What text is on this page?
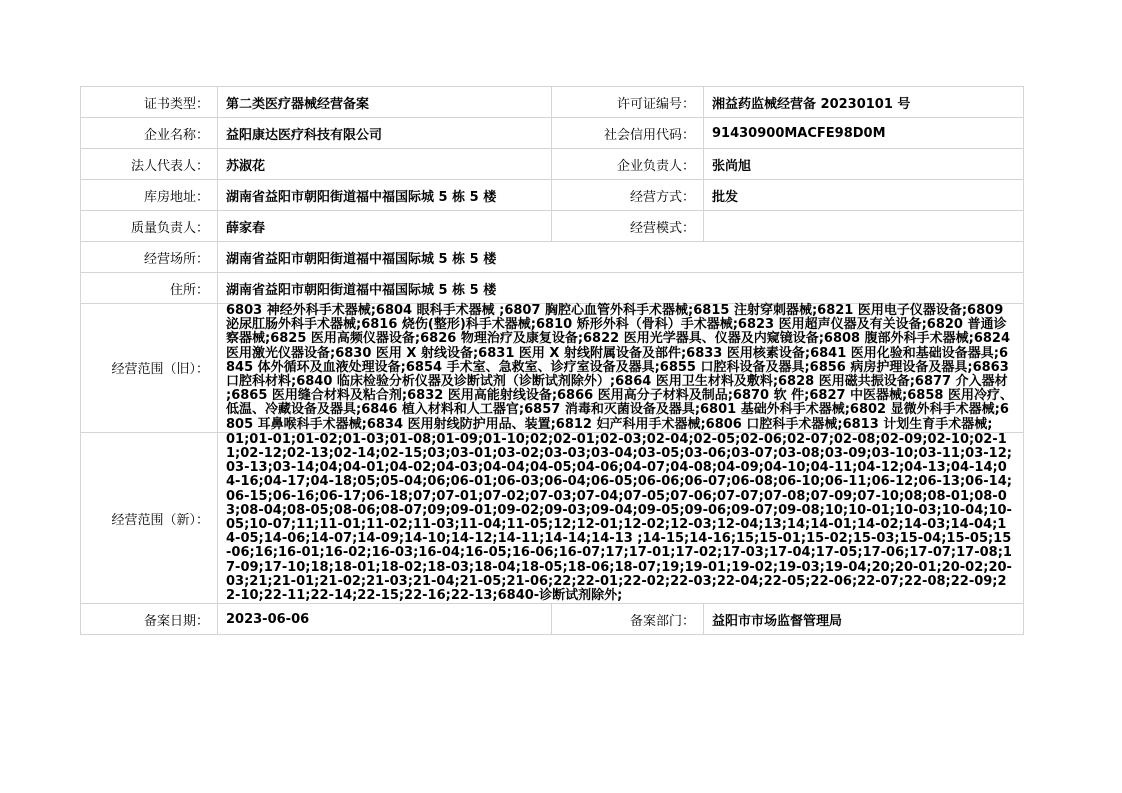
证书类型：	第二类医疗器械经营备案	许可证编号：	湘益药监械经营备 20230101 号
企业名称：	益阳康达医疗科技有限公司	社会信用代码：	91430900MACFE98D0M
法人代表人：	苏淑花	企业负责人：	张尚旭
库房地址：	湖南省益阳市朝阳街道福中福国际城 5 栋 5 楼	经营方式：	批发
质量负责人：	薛家春	经营模式：	
经营场所：	湖南省益阳市朝阳街道福中福国际城 5 栋 5 楼		
住所：	湖南省益阳市朝阳街道福中福国际城 5 栋 5 楼		
经营范围（旧）：	6803 神经外科手术器械;6804 眼科手术器械 ;6807 胸腔心血管外科手术器械;6815 注射穿刺器械;6821 医用电子仪器设备;6809 泌尿肛肠外科手术器械;6816 烧伤(整形)科手术器械;6810 矫形外科（骨科）手术器械;6823 医用超声仪器及有关设备;6820 普通诊察器械;6825 医用高频仪器设备;6826 物理治疗及康复设备;6822 医用光学器具、仪器及内窥镜设备;6808 腹部外科手术器械;6824 医用激光仪器设备;6830 医用 X 射线设备;6831 医用 X 射线附属设备及部件;6833 医用核素设备;6841 医用化验和基础设备器具;6845 体外循环及血液处理设备;6854 手术室、急救室、诊疗室设备及器具;6855 口腔科设备及器具;6856 病房护理设备及器具;6863 口腔科材料;6840 临床检验分析仪器及诊断试剂（诊断试剂除外）;6864 医用卫生材料及敷料;6828 医用磁共振设备;6877 介入器材 ;6865 医用缝合材料及粘合剂;6832 医用高能射线设备;6866 医用高分子材料及制品;6870 软 件;6827 中医器械;6858 医用冷疗、低温、冷藏设备及器具;6846 植入材料和人工器官;6857 消毒和灭菌设备及器具;6801 基础外科手术器械;6802 显微外科手术器械;6805 耳鼻喉科手术器械;6834 医用射线防护用品、装置;6812 妇产科用手术器械;6806 口腔科手术器械;6813 计划生育手术器械;		
经营范围（新）：	01;01-01;01-02;01-03;01-08;01-09;01-10;02;02-01;02-03;02-04;02-05;02-06;02-07;02-08;02-09;02-10;02-11;02-12;02-13;02-14;02-15;03;03-01;03-02;03-03;03-04;03-05;03-06;03-07;03-08;03-09;03-10;03-11;03-12;03-13;03-14;04;04-01;04-02;04-03;04-04;04-05;04-06;04-07;04-08;04-09;04-10;04-11;04-12;04-13;04-14;04-16;04-17;04-18;05;05-04;06;06-01;06-03;06-04;06-05;06-06;06-07;06-08;06-10;06-11;06-12;06-13;06-14;06-15;06-16;06-17;06-18;07;07-01;07-02;07-03;07-04;07-05;07-06;07-07;07-08;07-09;07-10;08;08-01;08-03;08-04;08-05;08-06;08-07;09;09-01;09-02;09-03;09-04;09-05;09-06;09-07;09-08;10;10-01;10-03;10-04;10-05;10-07;11;11-01;11-02;11-03;11-04;11-05;12;12-01;12-02;12-03;12-04;13;14;14-01;14-02;14-03;14-04;14-05;14-06;14-07;14-09;14-10;14-12;14-11;14-14;14-13 ;14-15;14-16;15;15-01;15-02;15-03;15-04;15-05;15-06;16;16-01;16-02;16-03;16-04;16-05;16-06;16-07;17;17-01;17-02;17-03;17-04;17-05;17-06;17-07;17-08;17-09;17-10;18;18-01;18-02;18-03;18-04;18-05;18-06;18-07;19;19-01;19-02;19-03;19-04;20;20-01;20-02;20-03;21;21-01;21-02;21-03;21-04;21-05;21-06;22;22-01;22-02;22-03;22-04;22-05;22-06;22-07;22-08;22-09;22-10;22-11;22-14;22-15;22-16;22-13;6840-诊断试剂除外;		
备案日期：	2023-06-06	备案部门：	益阳市市场监督管理局
